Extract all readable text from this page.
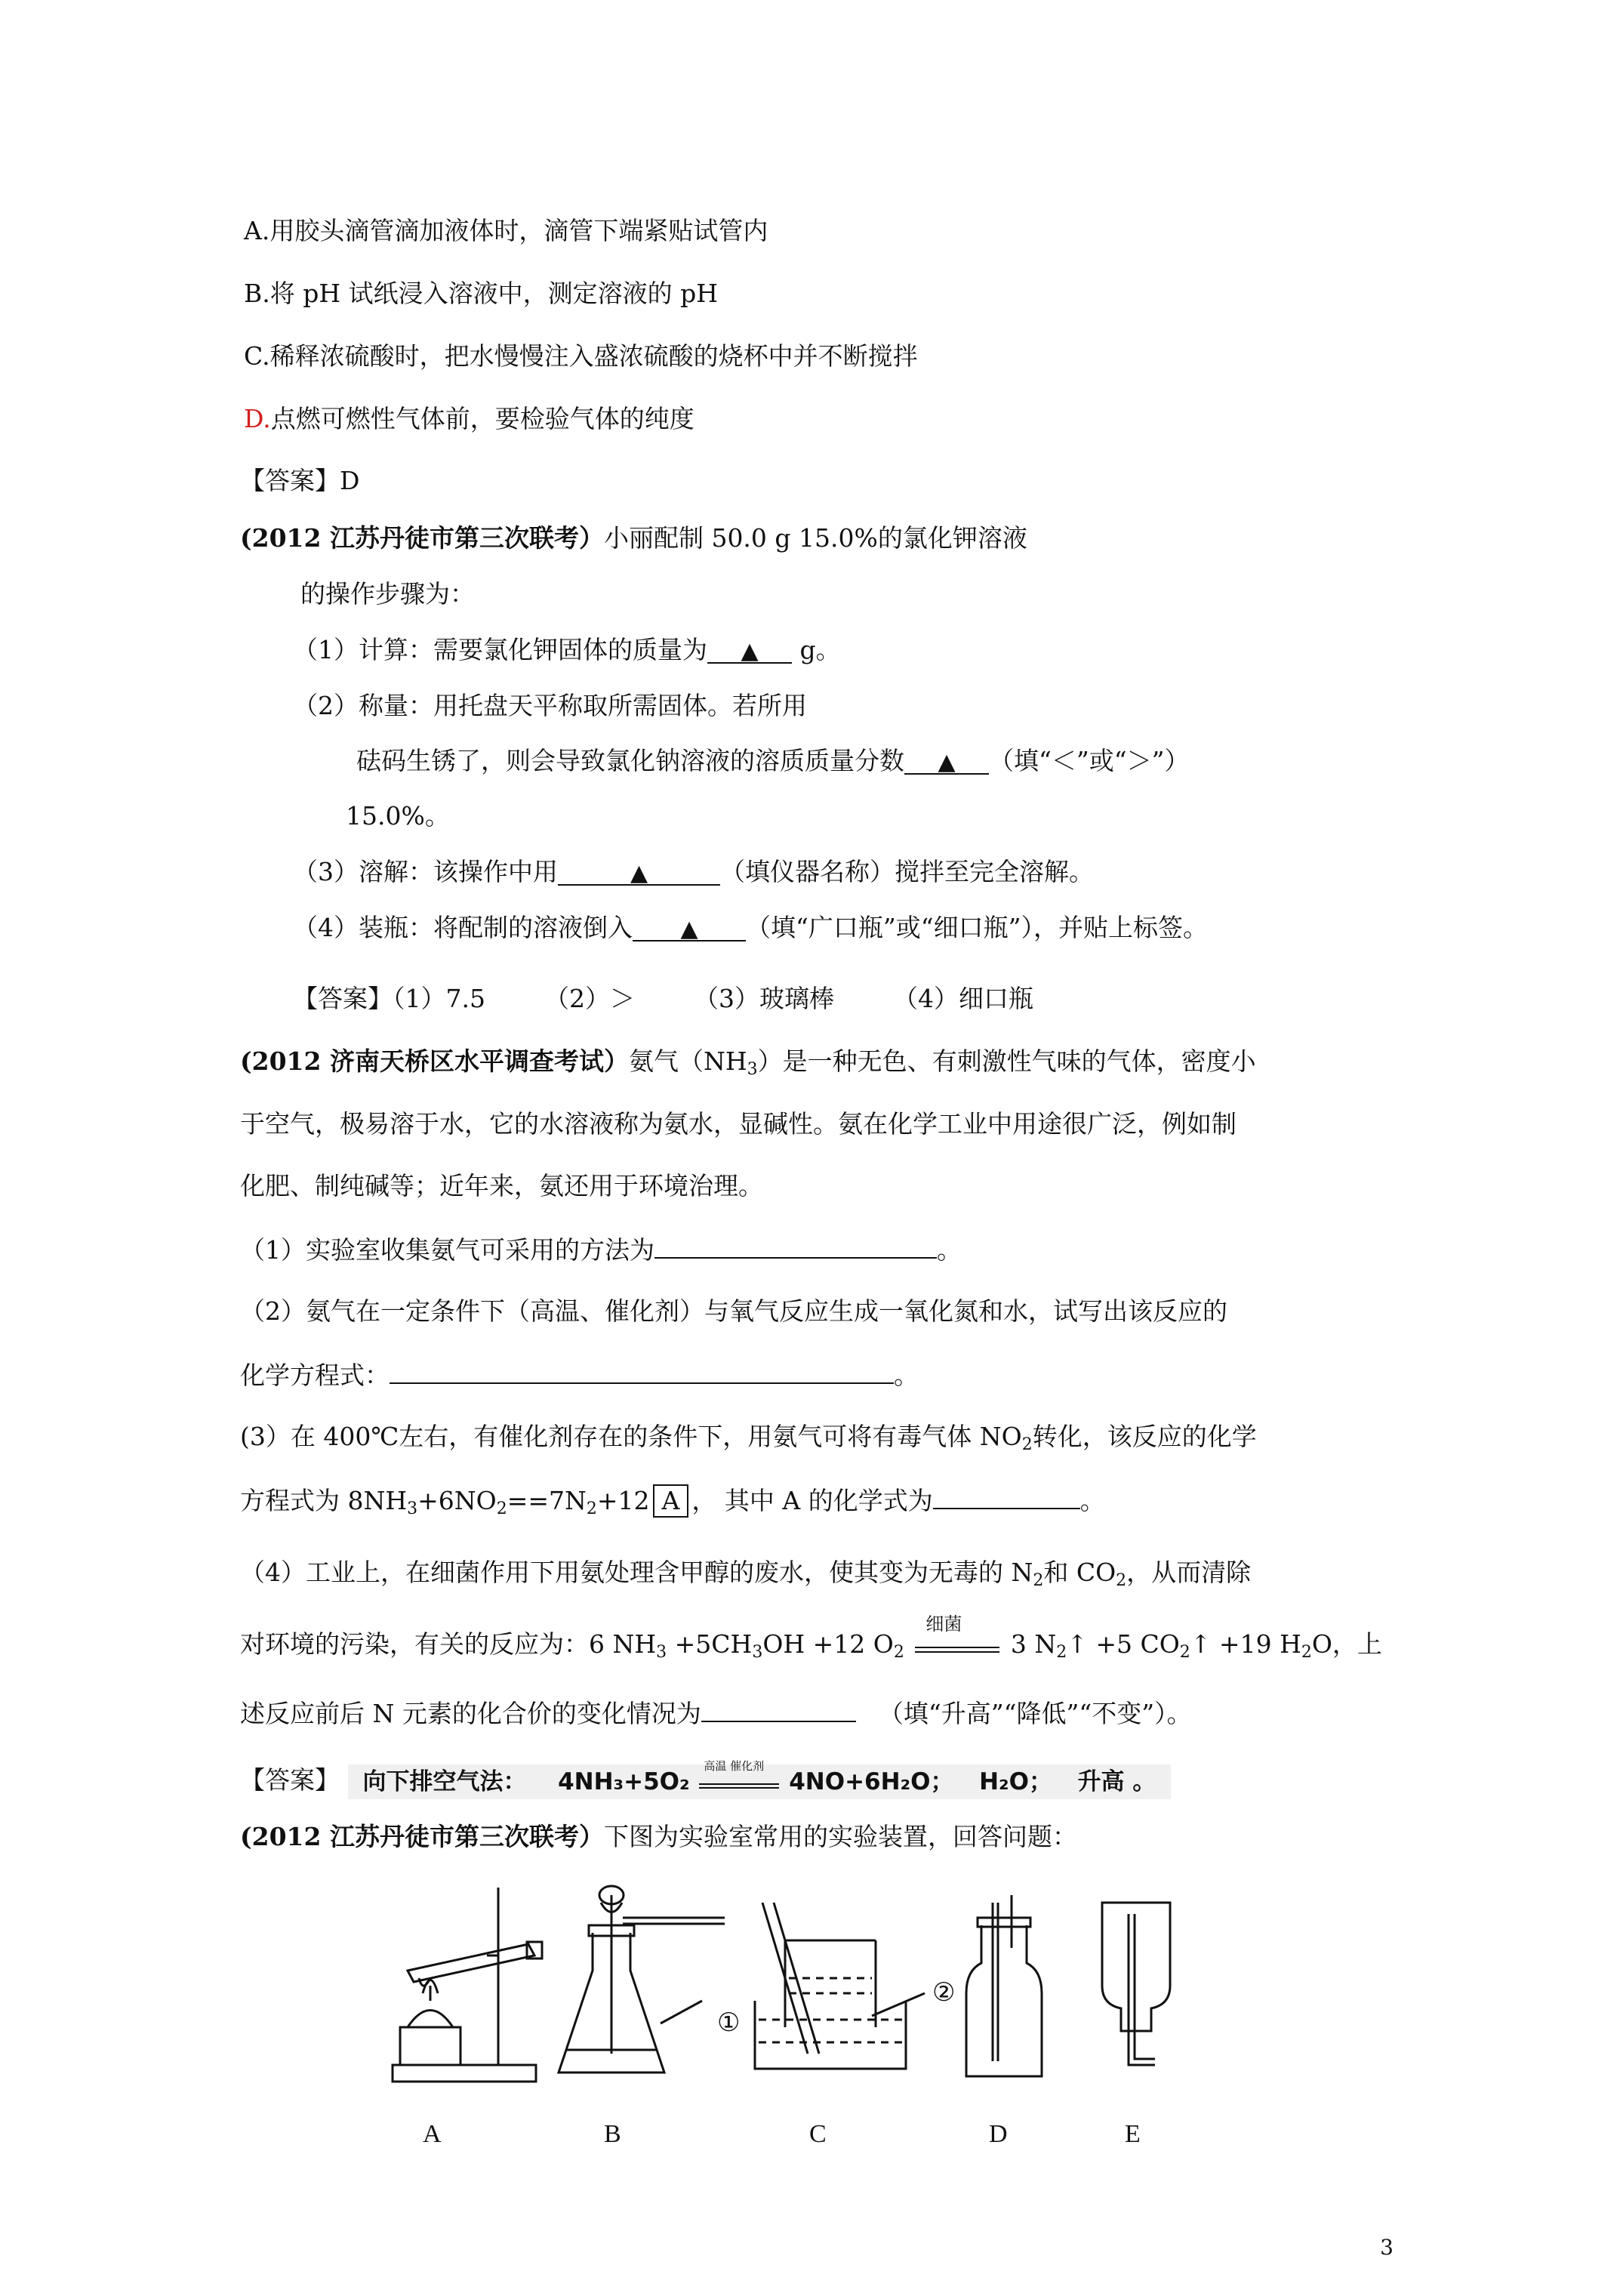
A.用胶头滴管滴加液体时，滴管下端紧贴试管内
B.将 pH 试纸浸入溶液中，测定溶液的 pH
C.稀释浓硫酸时，把水慢慢注入盛浓硫酸的烧杯中并不断搅拌
D.点燃可燃性气体前，要检验气体的纯度
【答案】D
(2012 江苏丹徒市第三次联考）小丽配制 50.0 g 15.0%的氯化钾溶液
的操作步骤为：
（1）计算：需要氯化钾固体的质量为 ▲ g。
（2）称量：用托盘天平称取所需固体。若所用
砝码生锈了，则会导致氯化钠溶液的溶质质量分数 ▲ （填“＜”或“＞”）
15.0%。
（3）溶解：该操作中用	▲	（填仪器名称）搅拌至完全溶解。
（4）装瓶：将配制的溶液倒入 ▲ （填“广口瓶”或“细口瓶”），并贴上标签。
【答案】（1）7.5 （2）＞ （3）玻璃棒 （4）细口瓶
(2012 济南天桥区水平调查考试）氨气$(NH_3)$是一种无色、有刺激性气味的气体，密度小
于空气，极易溶于水，它的水溶液称为氨水，显碱性。氨在化学工业中用途很广泛，例如制
化肥、制纯碱等；近年来，氨还用于环境治理。
（1）实验室收集氨气可采用的方法为	。
（2）氨气在一定条件下（高温、催化剂）与氧气反应生成一氧化氮和水，试写出该反应的
化学方程式：	。
(3）在 400℃左右，有催化剂存在的条件下，用氨气可将有毒气体 $NO_2$转化，该反应的化学
方程式为 $8NH_3+6NO_2==7N_2+12$ A ， 其中 A 的化学式为	。
（4）工业上，在细菌作用下用氨处理含甲醇的废水，使其变为无毒的 $N_2$和 $CO_2$，从而清除
对环境的污染，有关的反应为：6 $NH_3 +5CH_3OH +12$ $O_2$
细菌
3 $N_2↑ +5$ $CO_2↑ +19$ $H_2O$，上
述反应前后 N 元素的化合价的变化情况为	（填“升高”“降低”“不变”）。
【答案】 向下排空气法： 4NH₃+5O₂
高温 催化剂
4NO+6H₂O； H₂O； 升高 。
(2012 江苏丹徒市第三次联考）下图为实验室常用的实验装置，回答问题：
①
②
A	B	C	D	E
3
